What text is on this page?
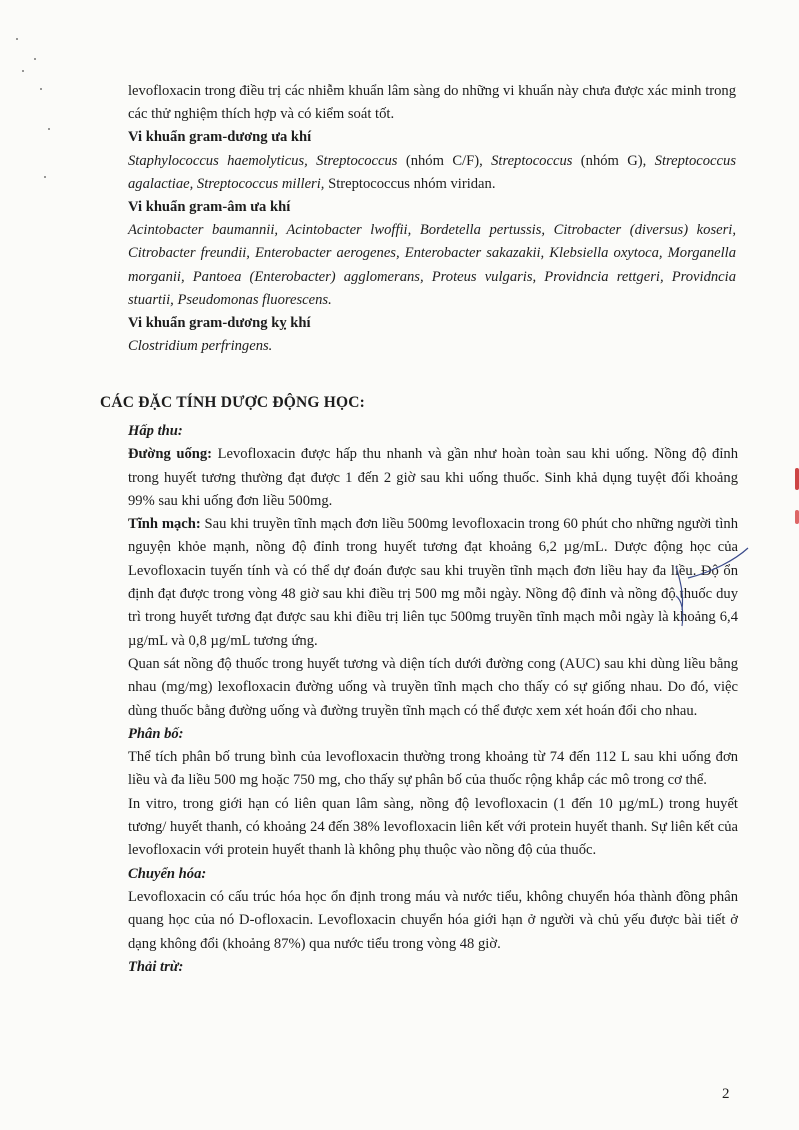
levofloxacin trong điều trị các nhiễm khuẩn lâm sàng do những vi khuẩn này chưa được xác minh trong các thử nghiệm thích hợp và có kiểm soát tốt.

Vi khuẩn gram-dương ưa khí

Staphylococcus haemolyticus, Streptococcus (nhóm C/F), Streptococcus (nhóm G), Streptococcus agalactiae, Streptococcus milleri, Streptococcus nhóm viridan.

Vi khuẩn gram-âm ưa khí

Acintobacter baumannii, Acintobacter lwoffii, Bordetella pertussis, Citrobacter (diversus) koseri, Citrobacter freundii, Enterobacter aerogenes, Enterobacter sakazakii, Klebsiella oxytoca, Morganella morganii, Pantoea (Enterobacter) agglomerans, Proteus vulgaris, Providncia rettgeri, Providncia stuartii, Pseudomonas fluorescens.

Vi khuẩn gram-dương kỵ khí

Clostridium perfringens.

CÁC ĐẶC TÍNH DƯỢC ĐỘNG HỌC:

Hấp thu:

Đường uống: Levofloxacin được hấp thu nhanh và gần như hoàn toàn sau khi uống. Nồng độ đỉnh trong huyết tương thường đạt được 1 đến 2 giờ sau khi uống thuốc. Sinh khả dụng tuyệt đối khoảng 99% sau khi uống đơn liều 500mg.

Tĩnh mạch: Sau khi truyền tĩnh mạch đơn liều 500mg levofloxacin trong 60 phút cho những người tình nguyện khỏe mạnh, nồng độ đỉnh trong huyết tương đạt khoảng 6,2 µg/mL. Dược động học của Levofloxacin tuyến tính và có thể dự đoán được sau khi truyền tĩnh mạch đơn liều hay đa liều. Độ ổn định đạt được trong vòng 48 giờ sau khi điều trị 500 mg mỗi ngày. Nồng độ đỉnh và nồng độ thuốc duy trì trong huyết tương đạt được sau khi điều trị liên tục 500mg truyền tĩnh mạch mỗi ngày là khoảng 6,4 µg/mL và 0,8 µg/mL tương ứng.

Quan sát nồng độ thuốc trong huyết tương và diện tích dưới đường cong (AUC) sau khi dùng liều bằng nhau (mg/mg) lexofloxacin đường uống và truyền tĩnh mạch cho thấy có sự giống nhau. Do đó, việc dùng thuốc bằng đường uống và đường truyền tĩnh mạch có thể được xem xét hoán đổi cho nhau.

Phân bố:

Thể tích phân bố trung bình của levofloxacin thường trong khoảng từ 74 đến 112 L sau khi uống đơn liều và đa liều 500 mg hoặc 750 mg, cho thấy sự phân bố của thuốc rộng khắp các mô trong cơ thể.

In vitro, trong giới hạn có liên quan lâm sàng, nồng độ levofloxacin (1 đến 10 µg/mL) trong huyết tương/ huyết thanh, có khoảng 24 đến 38% levofloxacin liên kết với protein huyết thanh. Sự liên kết của levofloxacin với protein huyết thanh là không phụ thuộc vào nồng độ của thuốc.

Chuyển hóa:

Levofloxacin có cấu trúc hóa học ổn định trong máu và nước tiểu, không chuyển hóa thành đồng phân quang học của nó D-ofloxacin. Levofloxacin chuyển hóa giới hạn ở người và chủ yếu được bài tiết ở dạng không đổi (khoảng 87%) qua nước tiểu trong vòng 48 giờ.

Thải trừ:

2
